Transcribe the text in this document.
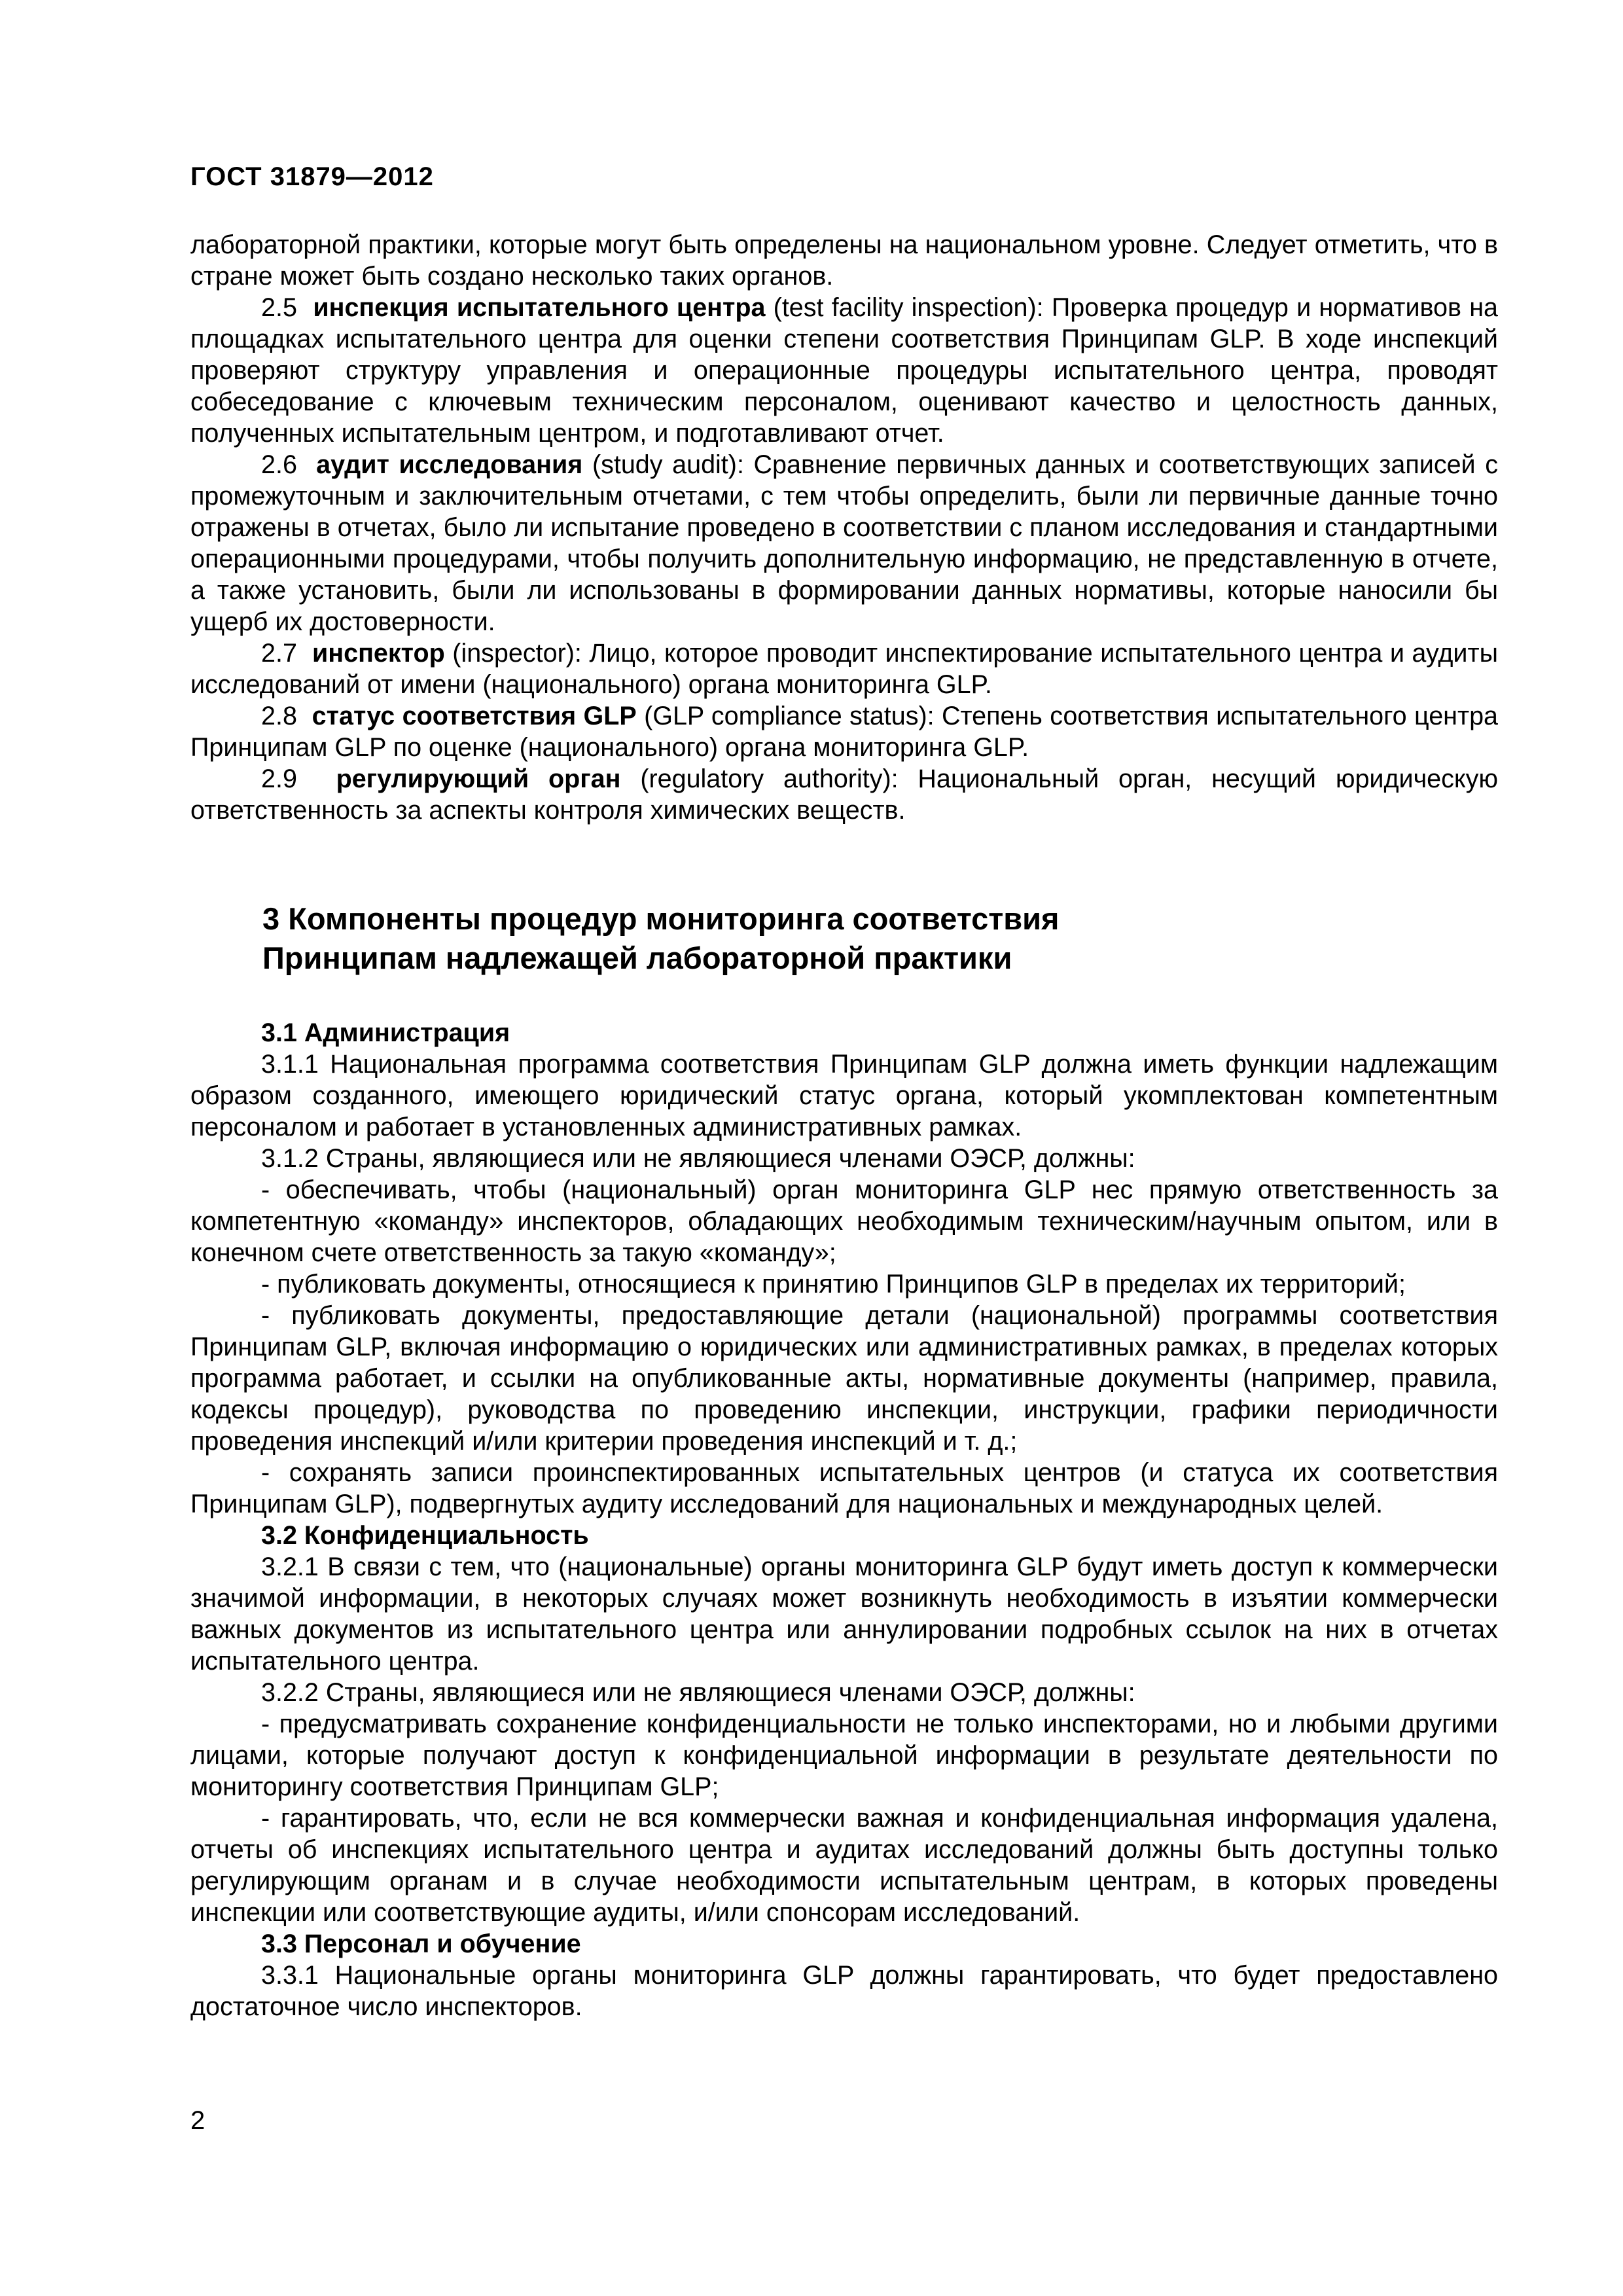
ГОСТ 31879—2012

лабораторной практики, которые могут быть определены на национальном уровне. Следует отметить, что в стране может быть создано несколько таких органов.

2.5 инспекция испытательного центра (test facility inspection): Проверка процедур и нормативов на площадках испытательного центра для оценки степени соответствия Принципам GLP. В ходе инспекций проверяют структуру управления и операционные процедуры испытательного центра, проводят собеседование с ключевым техническим персоналом, оценивают качество и целостность данных, полученных испытательным центром, и подготавливают отчет.

2.6 аудит исследования (study audit): Сравнение первичных данных и соответствующих записей с промежуточным и заключительным отчетами, с тем чтобы определить, были ли первичные данные точно отражены в отчетах, было ли испытание проведено в соответствии с планом исследования и стандартными операционными процедурами, чтобы получить дополнительную информацию, не представленную в отчете, а также установить, были ли использованы в формировании данных нормативы, которые наносили бы ущерб их достоверности.

2.7 инспектор (inspector): Лицо, которое проводит инспектирование испытательного центра и аудиты исследований от имени (национального) органа мониторинга GLP.

2.8 статус соответствия GLP (GLP compliance status): Степень соответствия испытательного центра Принципам GLP по оценке (национального) органа мониторинга GLP.

2.9 регулирующий орган (regulatory authority): Национальный орган, несущий юридическую ответственность за аспекты контроля химических веществ.

3 Компоненты процедур мониторинга соответствия
Принципам надлежащей лабораторной практики

3.1 Администрация

3.1.1 Национальная программа соответствия Принципам GLP должна иметь функции надлежащим образом созданного, имеющего юридический статус органа, который укомплектован компетентным персоналом и работает в установленных административных рамках.

3.1.2 Страны, являющиеся или не являющиеся членами ОЭСР, должны:

- обеспечивать, чтобы (национальный) орган мониторинга GLP нес прямую ответственность за компетентную «команду» инспекторов, обладающих необходимым техническим/научным опытом, или в конечном счете ответственность за такую «команду»;

- публиковать документы, относящиеся к принятию Принципов GLP в пределах их территорий;

- публиковать документы, предоставляющие детали (национальной) программы соответствия Принципам GLP, включая информацию о юридических или административных рамках, в пределах которых программа работает, и ссылки на опубликованные акты, нормативные документы (например, правила, кодексы процедур), руководства по проведению инспекции, инструкции, графики периодичности проведения инспекций и/или критерии проведения инспекций и т. д.;

- сохранять записи проинспектированных испытательных центров (и статуса их соответствия Принципам GLP), подвергнутых аудиту исследований для национальных и международных целей.

3.2 Конфиденциальность

3.2.1 В связи с тем, что (национальные) органы мониторинга GLP будут иметь доступ к коммерчески значимой информации, в некоторых случаях может возникнуть необходимость в изъятии коммерчески важных документов из испытательного центра или аннулировании подробных ссылок на них в отчетах испытательного центра.

3.2.2 Страны, являющиеся или не являющиеся членами ОЭСР, должны:

- предусматривать сохранение конфиденциальности не только инспекторами, но и любыми другими лицами, которые получают доступ к конфиденциальной информации в результате деятельности по мониторингу соответствия Принципам GLP;

- гарантировать, что, если не вся коммерчески важная и конфиденциальная информация удалена, отчеты об инспекциях испытательного центра и аудитах исследований должны быть доступны только регулирующим органам и в случае необходимости испытательным центрам, в которых проведены инспекции или соответствующие аудиты, и/или спонсорам исследований.

3.3 Персонал и обучение

3.3.1 Национальные органы мониторинга GLP должны гарантировать, что будет предоставлено достаточное число инспекторов.

2
